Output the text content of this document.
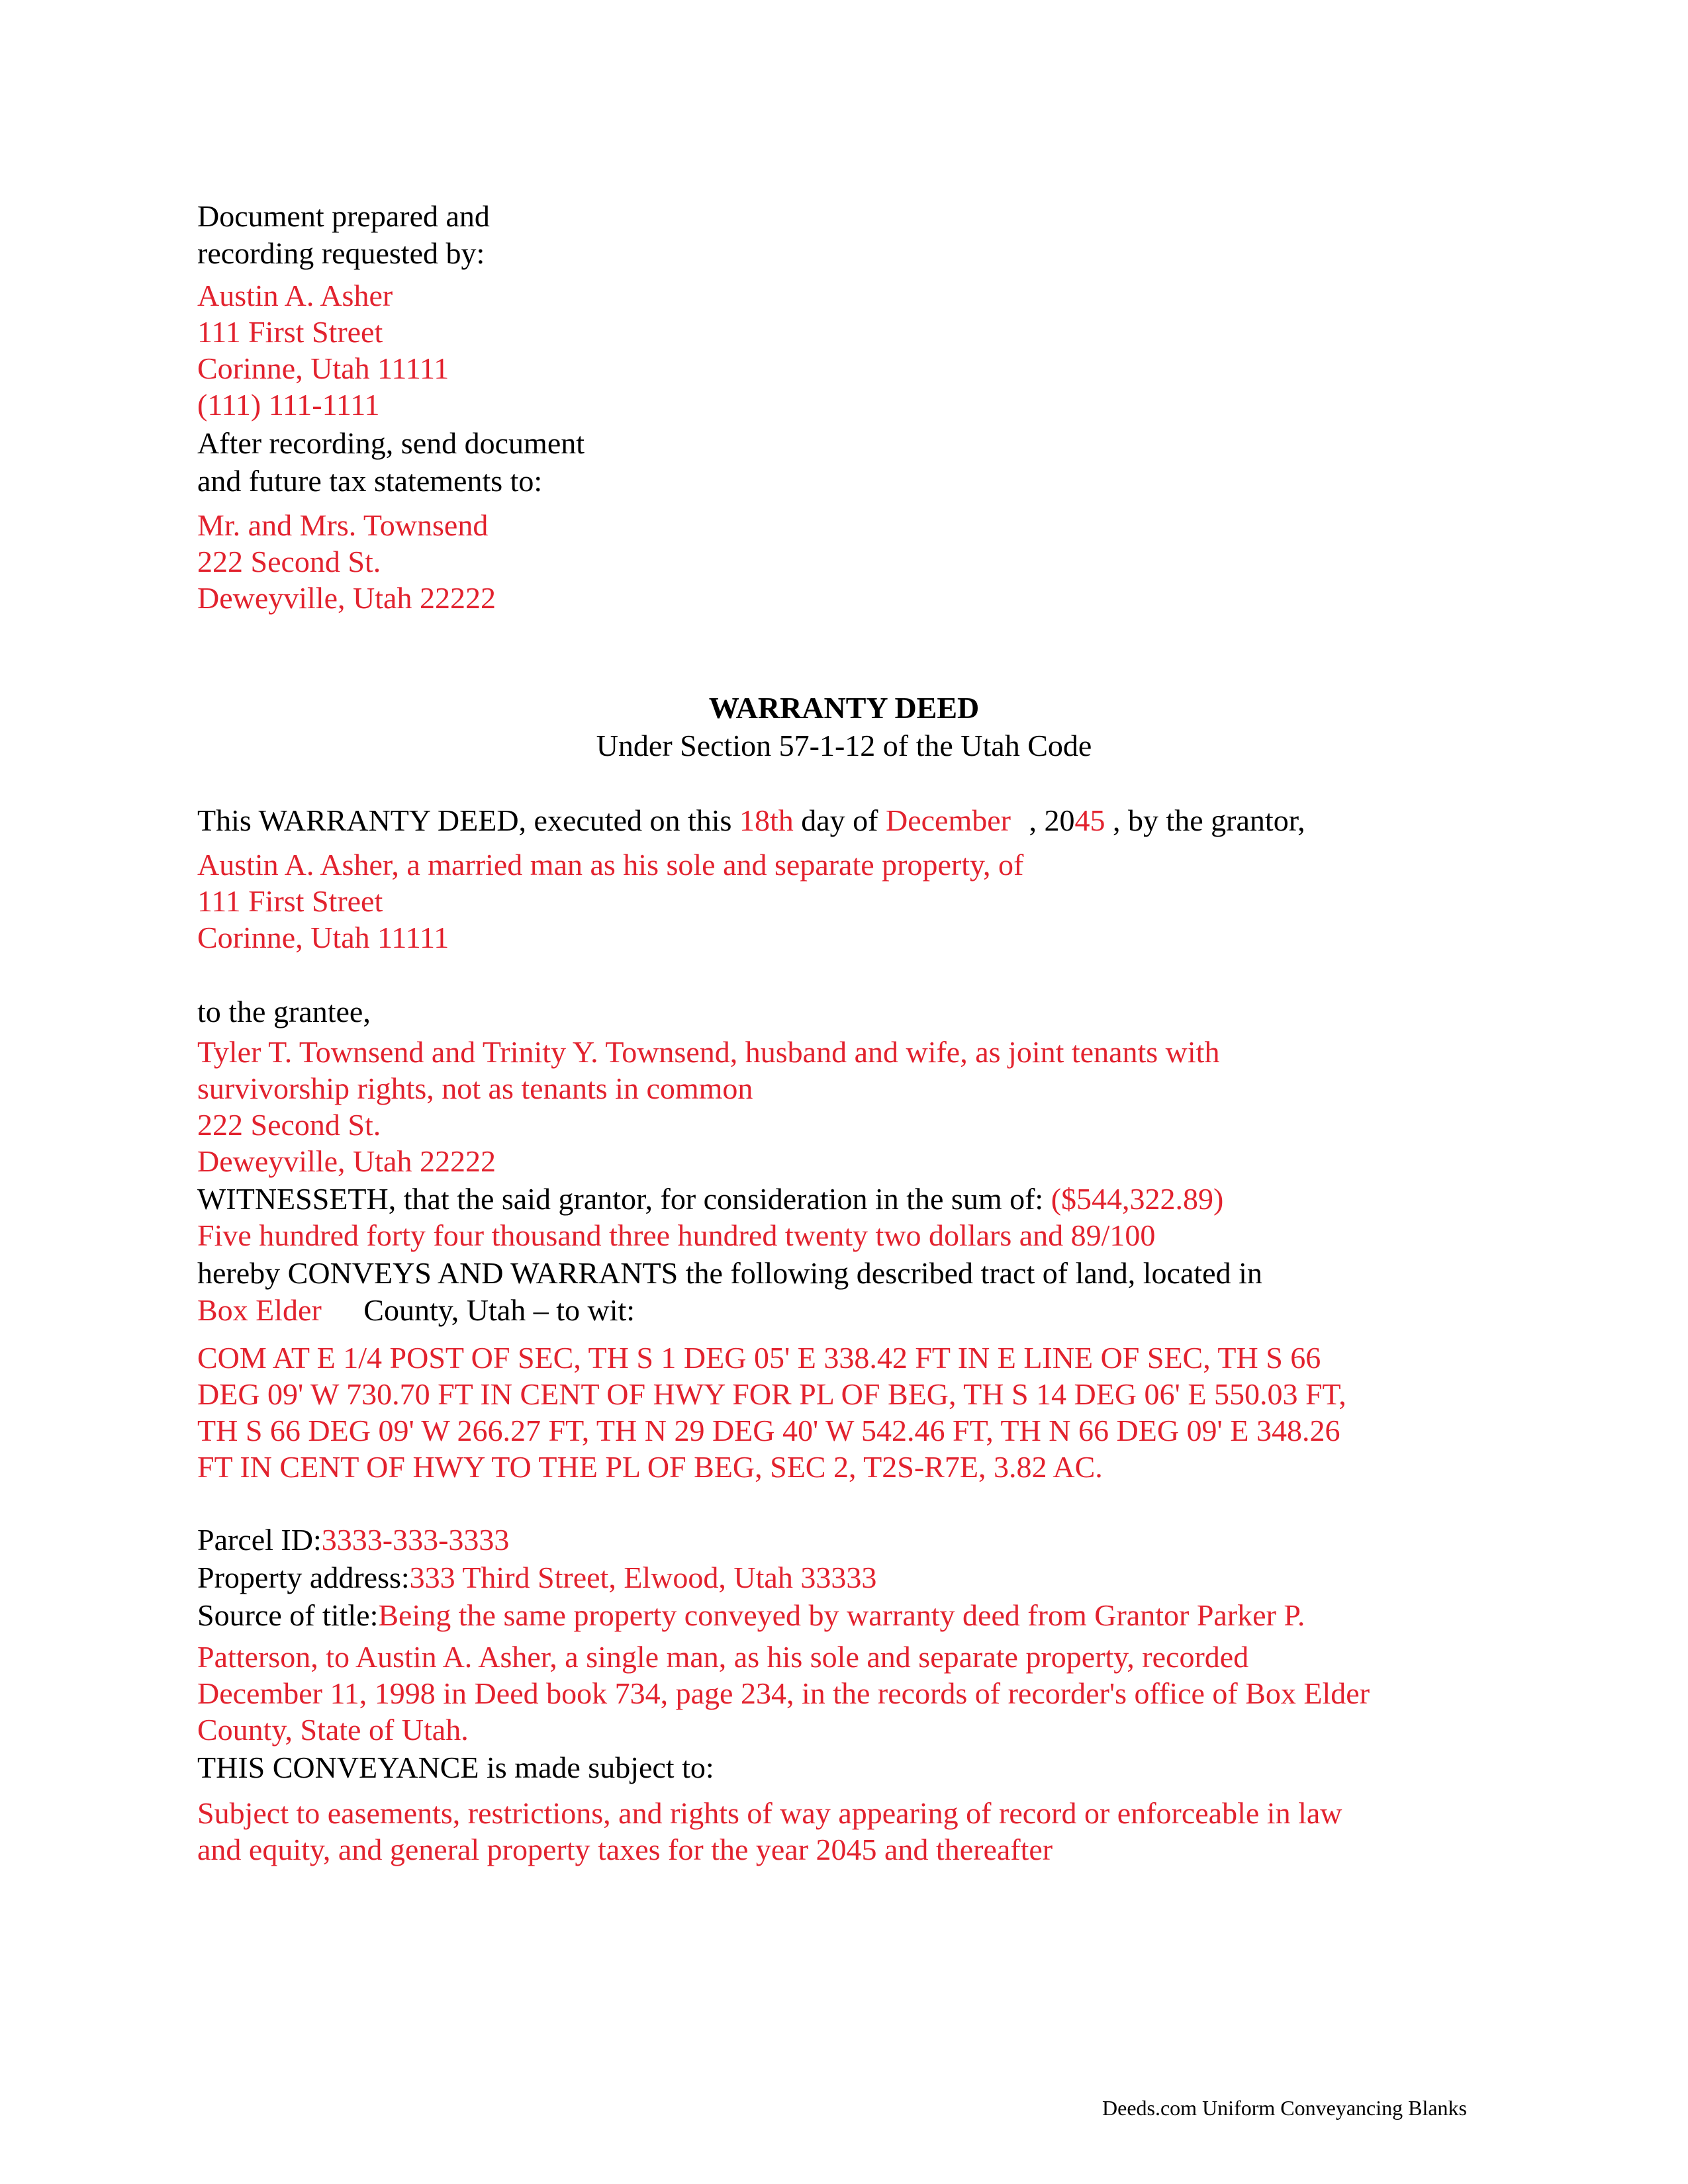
Document prepared and
recording requested by:
Austin A. Asher
111 First Street
Corinne, Utah 11111
(111) 111-1111
After recording, send document
and future tax statements to:
Mr. and Mrs. Townsend
222 Second St.
Deweyville, Utah 22222
WARRANTY DEED
Under Section 57-1-12 of the Utah Code
This WARRANTY DEED, executed on this 18th day of December , 2045 , by the grantor,
Austin A. Asher, a married man as his sole and separate property, of
111 First Street
Corinne, Utah 11111
to the grantee,
Tyler T. Townsend and Trinity Y. Townsend, husband and wife, as joint tenants with
survivorship rights, not as tenants in common
222 Second St.
Deweyville, Utah 22222
WITNESSETH, that the said grantor, for consideration in the sum of: ($544,322.89)
Five hundred forty four thousand three hundred twenty two dollars and 89/100
hereby CONVEYS AND WARRANTS the following described tract of land, located in
Box Elder County, Utah – to wit:
COM AT E 1/4 POST OF SEC, TH S 1 DEG 05' E 338.42 FT IN E LINE OF SEC, TH S 66
DEG 09' W 730.70 FT IN CENT OF HWY FOR PL OF BEG, TH S 14 DEG 06' E 550.03 FT,
TH S 66 DEG 09' W 266.27 FT, TH N 29 DEG 40' W 542.46 FT, TH N 66 DEG 09' E 348.26
FT IN CENT OF HWY TO THE PL OF BEG, SEC 2, T2S-R7E, 3.82 AC.
Parcel ID:3333-333-3333
Property address:333 Third Street, Elwood, Utah 33333
Source of title:Being the same property conveyed by warranty deed from Grantor Parker P.
Patterson, to Austin A. Asher, a single man, as his sole and separate property, recorded
December 11, 1998 in Deed book 734, page 234, in the records of recorder's office of Box Elder
County, State of Utah.
THIS CONVEYANCE is made subject to:
Subject to easements, restrictions, and rights of way appearing of record or enforceable in law
and equity, and general property taxes for the year 2045 and thereafter
Deeds.com Uniform Conveyancing Blanks
